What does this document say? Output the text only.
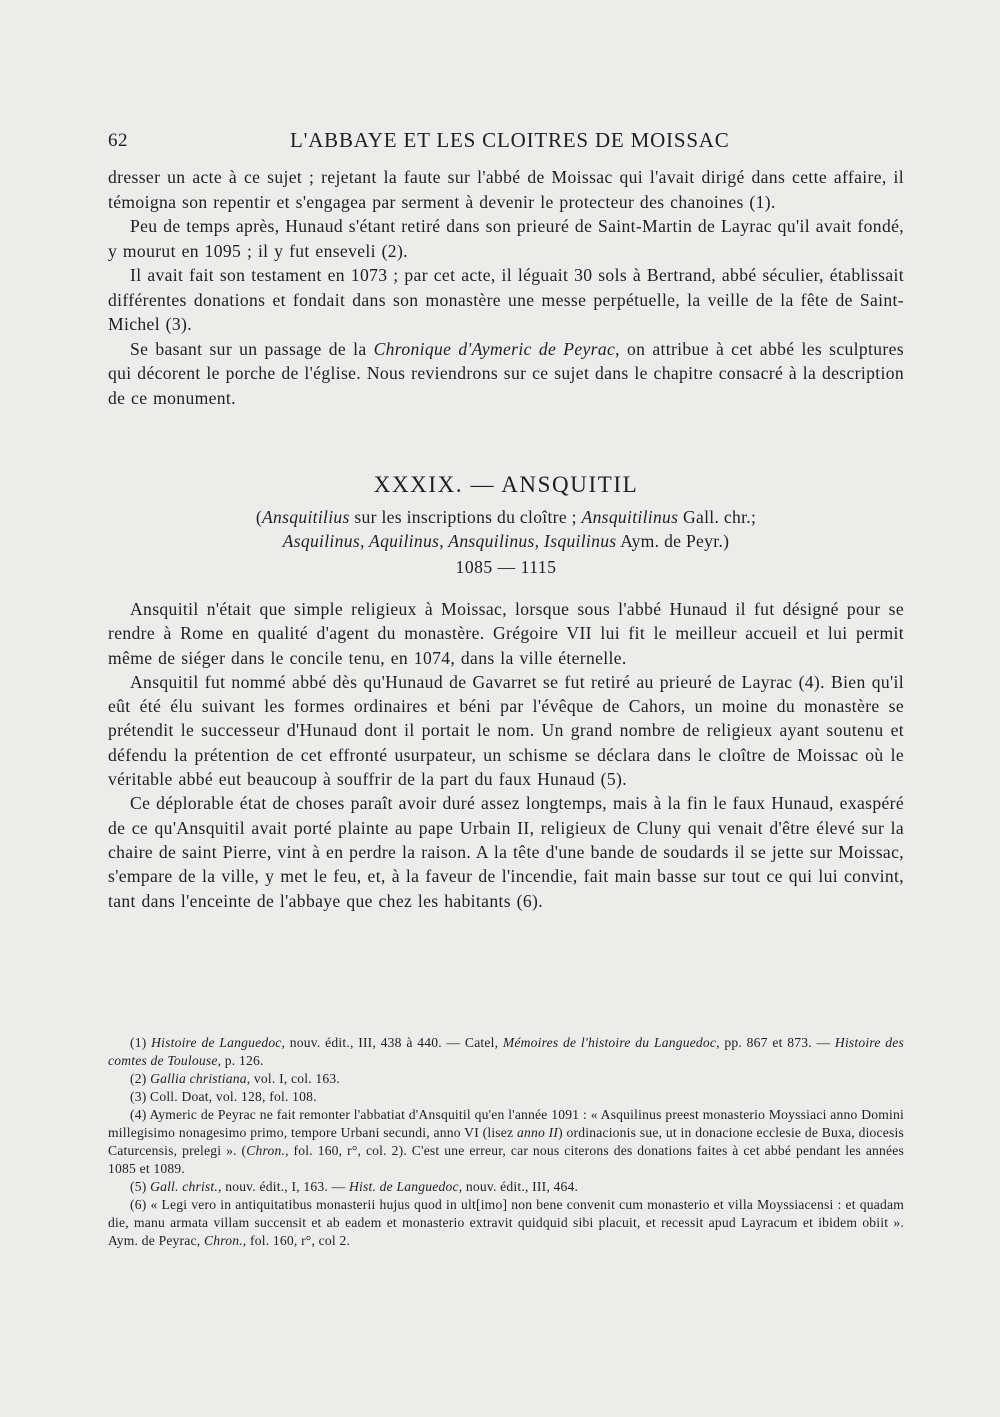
62	L'ABBAYE ET LES CLOITRES DE MOISSAC

dresser un acte à ce sujet ; rejetant la faute sur l'abbé de Moissac qui l'avait dirigé dans cette affaire, il témoigna son repentir et s'engagea par serment à devenir le protecteur des chanoines (1).

Peu de temps après, Hunaud s'étant retiré dans son prieuré de Saint-Martin de Layrac qu'il avait fondé, y mourut en 1095 ; il y fut enseveli (2).

Il avait fait son testament en 1073 ; par cet acte, il léguait 30 sols à Bertrand, abbé séculier, établissait différentes donations et fondait dans son monastère une messe perpétuelle, la veille de la fête de Saint-Michel (3).

Se basant sur un passage de la Chronique d'Aymeric de Peyrac, on attribue à cet abbé les sculptures qui décorent le porche de l'église. Nous reviendrons sur ce sujet dans le chapitre consacré à la description de ce monument.

XXXIX. — ANSQUITIL
(Ansquitilius sur les inscriptions du cloître ; Ansquitilinus Gall. chr.;
Asquilinus, Aquilinus, Ansquilinus, Isquilinus Aym. de Peyr.)
1085 — 1115

Ansquitil n'était que simple religieux à Moissac, lorsque sous l'abbé Hunaud il fut désigné pour se rendre à Rome en qualité d'agent du monastère. Grégoire VII lui fit le meilleur accueil et lui permit même de siéger dans le concile tenu, en 1074, dans la ville éternelle.

Ansquitil fut nommé abbé dès qu'Hunaud de Gavarret se fut retiré au prieuré de Layrac (4). Bien qu'il eût été élu suivant les formes ordinaires et béni par l'évêque de Cahors, un moine du monastère se prétendit le successeur d'Hunaud dont il portait le nom. Un grand nombre de religieux ayant soutenu et défendu la prétention de cet effronté usurpateur, un schisme se déclara dans le cloître de Moissac où le véritable abbé eut beaucoup à souffrir de la part du faux Hunaud (5).

Ce déplorable état de choses paraît avoir duré assez longtemps, mais à la fin le faux Hunaud, exaspéré de ce qu'Ansquitil avait porté plainte au pape Urbain II, religieux de Cluny qui venait d'être élevé sur la chaire de saint Pierre, vint à en perdre la raison. A la tête d'une bande de soudards il se jette sur Moissac, s'empare de la ville, y met le feu, et, à la faveur de l'incendie, fait main basse sur tout ce qui lui convint, tant dans l'enceinte de l'abbaye que chez les habitants (6).

(1) Histoire de Languedoc, nouv. édit., III, 438 à 440. — Catel, Mémoires de l'histoire du Languedoc, pp. 867 et 873. — Histoire des comtes de Toulouse, p. 126.

(2) Gallia christiana, vol. I, col. 163.

(3) Coll. Doat, vol. 128, fol. 108.

(4) Aymeric de Peyrac ne fait remonter l'abbatiat d'Ansquitil qu'en l'année 1091 : « Asquilinus preest monasterio Moyssiaci anno Domini millegisimo nonagesimo primo, tempore Urbani secundi, anno VI (lisez anno II) ordinacionis sue, ut in donacione ecclesie de Buxa, diocesis Caturcensis, prelegi ». (Chron., fol. 160, r°, col. 2). C'est une erreur, car nous citerons des donations faites à cet abbé pendant les années 1085 et 1089.

(5) Gall. christ., nouv. édit., I, 163. — Hist. de Languedoc, nouv. édit., III, 464.

(6) « Legi vero in antiquitatibus monasterii hujus quod in ult[imo] non bene convenit cum monasterio et villa Moyssiacensi : et quadam die, manu armata villam succensit et ab eadem et monasterio extravit quidquid sibi placuit, et recessit apud Layracum et ibidem obiit ». Aym. de Peyrac, Chron., fol. 160, r°, col 2.
